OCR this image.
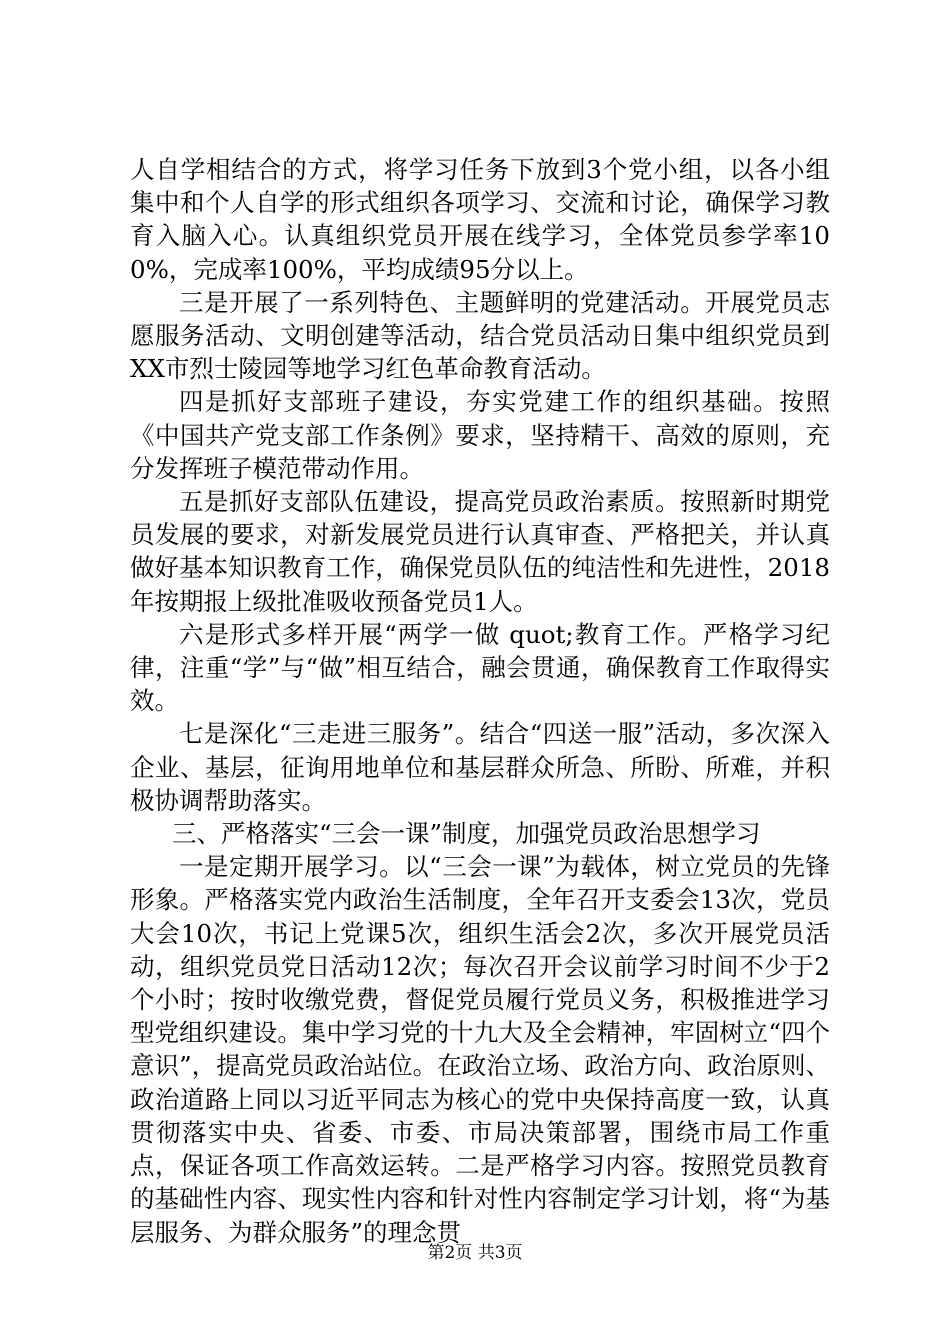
人自学相结合的方式，将学习任务下放到3个党小组，以各小组集中和个人自学的形式组织各项学习、交流和讨论，确保学习教育入脑入心。认真组织党员开展在线学习，全体党员参学率100%，完成率100%，平均成绩95分以上。

三是开展了一系列特色、主题鲜明的党建活动。开展党员志愿服务活动、文明创建等活动，结合党员活动日集中组织党员到XX市烈士陵园等地学习红色革命教育活动。

四是抓好支部班子建设，夯实党建工作的组织基础。按照《中国共产党支部工作条例》要求，坚持精干、高效的原则，充分发挥班子模范带动作用。

五是抓好支部队伍建设，提高党员政治素质。按照新时期党员发展的要求，对新发展党员进行认真审查、严格把关，并认真做好基本知识教育工作，确保党员队伍的纯洁性和先进性，2018年按期报上级批准吸收预备党员1人。

六是形式多样开展“两学一做 quot;教育工作。严格学习纪律，注重“学”与“做”相互结合，融会贯通，确保教育工作取得实效。

七是深化“三走进三服务”。结合“四送一服”活动，多次深入企业、基层，征询用地单位和基层群众所急、所盼、所难，并积极协调帮助落实。

三、严格落实“三会一课”制度，加强党员政治思想学习

一是定期开展学习。以“三会一课”为载体，树立党员的先锋形象。严格落实党内政治生活制度，全年召开支委会13次，党员大会10次，书记上党课5次，组织生活会2次，多次开展党员活动，组织党员党日活动12次；每次召开会议前学习时间不少于2个小时；按时收缴党费，督促党员履行党员义务，积极推进学习型党组织建设。集中学习党的十九大及全会精神，牢固树立“四个意识”，提高党员政治站位。在政治立场、政治方向、政治原则、政治道路上同以习近平同志为核心的党中央保持高度一致，认真贯彻落实中央、省委、市委、市局决策部署，围绕市局工作重点，保证各项工作高效运转。二是严格学习内容。按照党员教育的基础性内容、现实性内容和针对性内容制定学习计划，将“为基层服务、为群众服务”的理念贯

第2页 共3页
